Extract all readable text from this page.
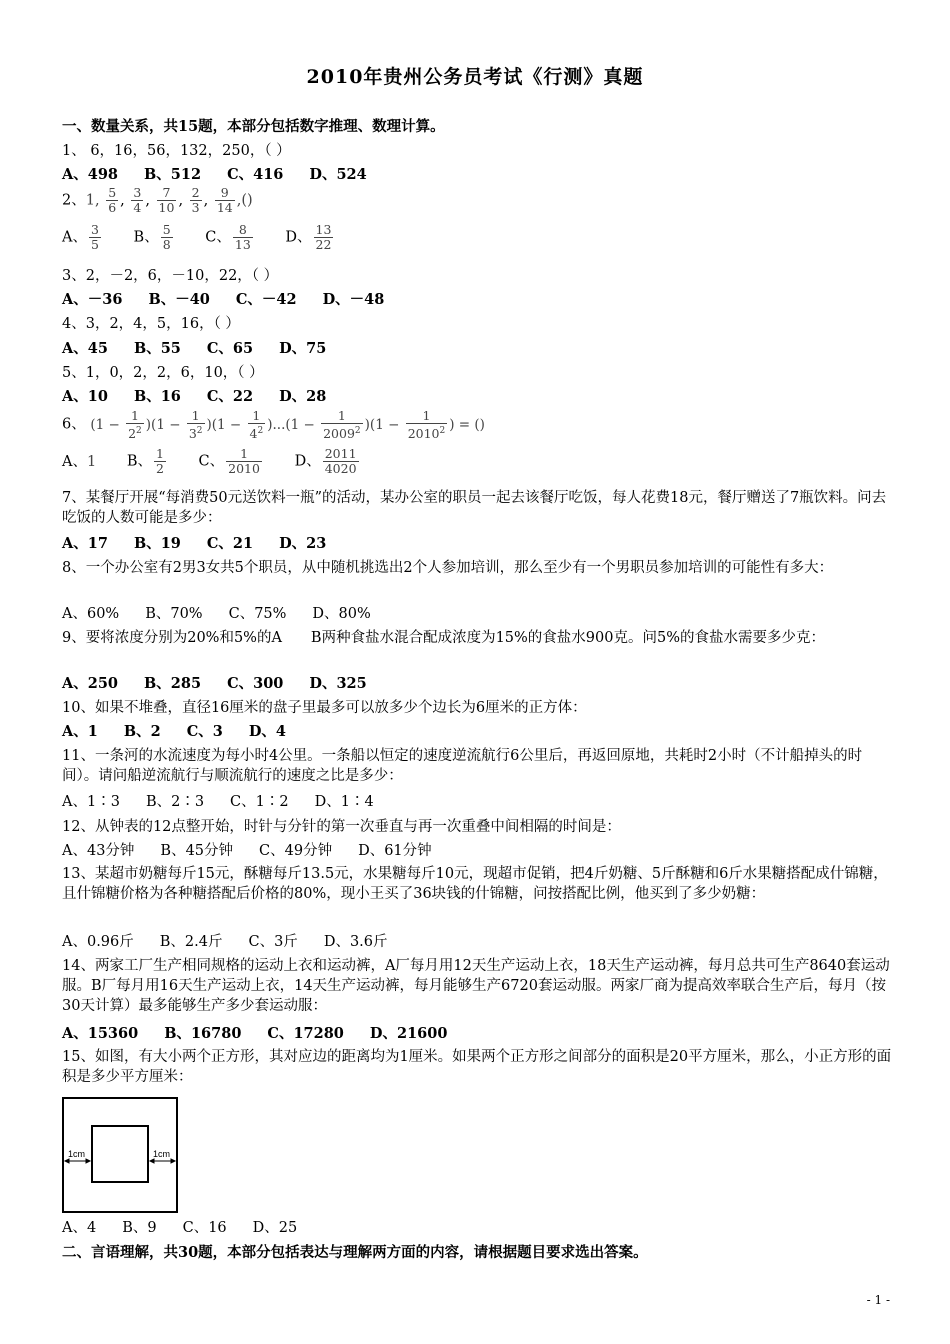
2010年贵州公务员考试《行测》真题
一、数量关系，共15题，本部分包括数字推理、数理计算。
1、 6，16，56，132，250，（ ）
A、498 B、512 C、416 D、524
2、1, $\frac{5}{6}$ , $\frac{3}{4}$ , $\frac{7}{10}$ , $\frac{2}{3}$ , $\frac{9}{14}$ ,()
A、 $\frac{3}{5}$ B、 $\frac{5}{8}$ C、 $\frac{8}{13}$ D、 $\frac{13}{22}$
3、2，－2，6，－10，22，（ ）
A、－36 B、－40 C、－42 D、－48
4、3，2，4，5，16，（ ）
A、45 B、55 C、65 D、75
5、1，0，2，2，6，10，（ ）
A、10 B、16 C、22 D、28
6、 $(1 - \frac{1}{2^2} )(1 - \frac{1}{3^2} )(1 - \frac{1}{4^2} )...(1 - \frac{1}{2009^2} )(1 - \frac{1}{2010^2}$ ) = ()
A、1 B、 $\frac{1}{2}$ C、 $\frac{1}{2010}$ D、 $\frac{2011}{4020}$
7、某餐厅开展“每消费50元送饮料一瓶”的活动，某办公室的职员一起去该餐厅吃饭，每人花费18元，餐厅赠送了7瓶饮料。问去吃饭的人数可能是多少：
A、17 B、19 C、21 D、23
8、一个办公室有2男3女共5个职员，从中随机挑选出2个人参加培训，那么至少有一个男职员参加培训的可能性有多大：
A、60% B、70% C、75% D、80%
9、要将浓度分别为20%和5%的A　　B两种食盐水混合配成浓度为15%的食盐水900克。问5%的食盐水需要多少克：
A、250 B、285 C、300 D、325
10、如果不堆叠，直径16厘米的盘子里最多可以放多少个边长为6厘米的正方体：
A、1 B、2 C、3 D、4
11、一条河的水流速度为每小时4公里。一条船以恒定的速度逆流航行6公里后，再返回原地，共耗时2小时（不计船掉头的时间）。请问船逆流航行与顺流航行的速度之比是多少：
A、1∶3 B、2∶3 C、1∶2 D、1∶4
12、从钟表的12点整开始，时针与分针的第一次垂直与再一次重叠中间相隔的时间是：
A、43分钟 B、45分钟 C、49分钟 D、61分钟
13、某超市奶糖每斤15元，酥糖每斤13.5元，水果糖每斤10元，现超市促销，把4斤奶糖、5斤酥糖和6斤水果糖搭配成什锦糖，且什锦糖价格为各种糖搭配后价格的80%，现小王买了36块钱的什锦糖，问按搭配比例，他买到了多少奶糖：
A、0.96斤 B、2.4斤 C、3斤 D、3.6斤
14、两家工厂生产相同规格的运动上衣和运动裤，A厂每月用12天生产运动上衣，18天生产运动裤，每月总共可生产8640套运动服。B厂每月用16天生产运动上衣，14天生产运动裤，每月能够生产6720套运动服。两家厂商为提高效率联合生产后，每月（按30天计算）最多能够生产多少套运动服：
A、15360 B、16780 C、17280 D、21600
15、如图，有大小两个正方形，其对应边的距离均为1厘米。如果两个正方形之间部分的面积是20平方厘米，那么，小正方形的面积是多少平方厘米：
1cm	1cm
A、4 B、9 C、16 D、25
二、言语理解，共30题，本部分包括表达与理解两方面的内容，请根据题目要求选出答案。
- 1 -
